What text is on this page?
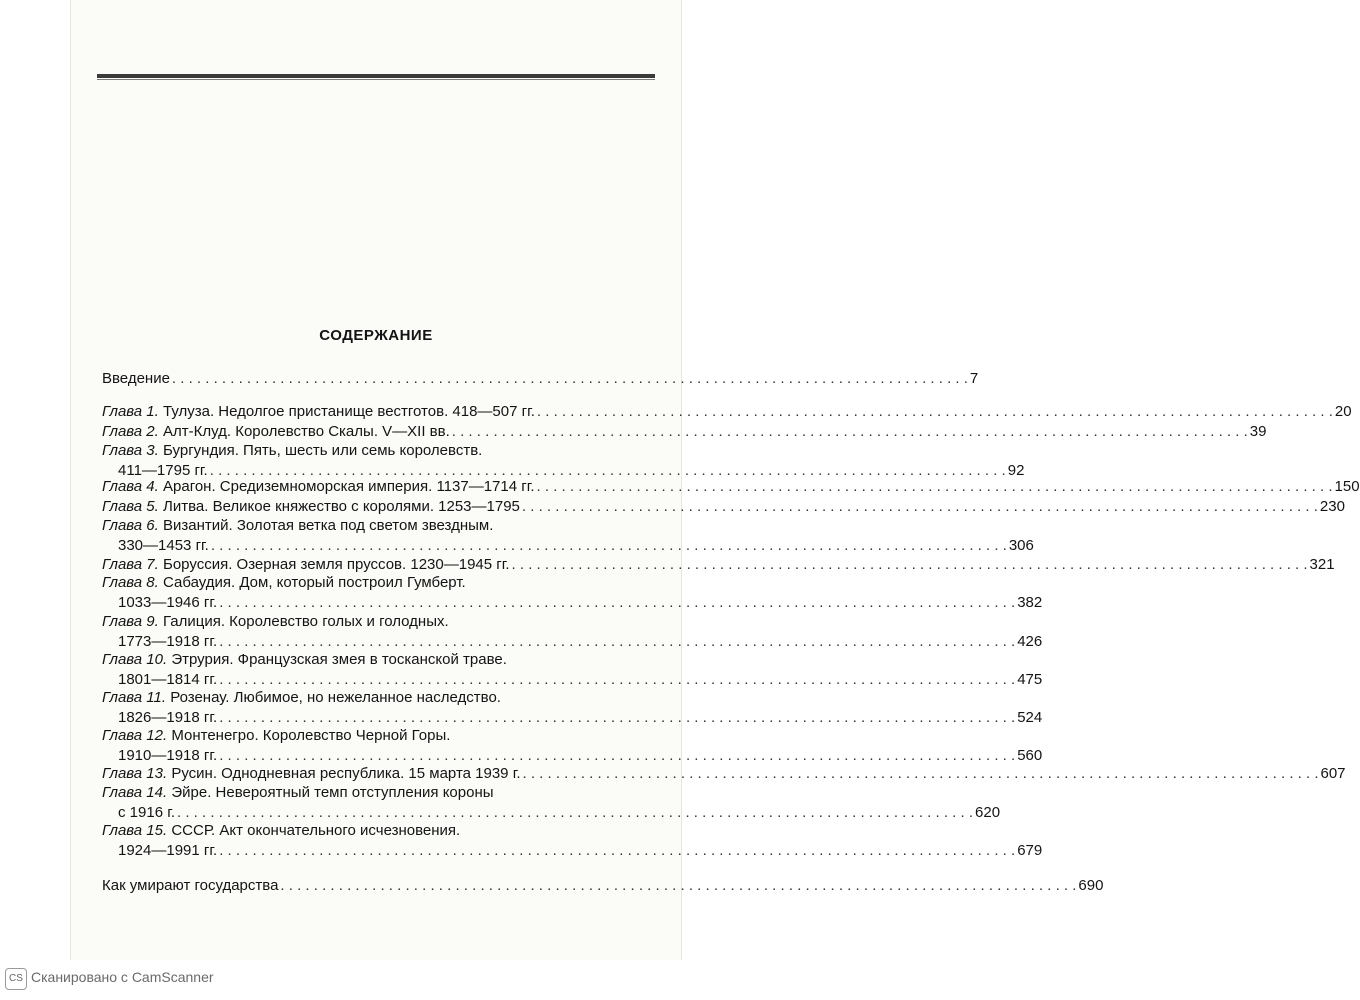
СОДЕРЖАНИЕ
Введение . . .	7
Глава 1. Тулуза. Недолгое пристанище вестготов. 418—507 гг. . . .	20
Глава 2. Алт-Клуд. Королевство Скалы. V—XII вв. . . .	39
Глава 3. Бургундия. Пять, шесть или семь королевств.
411—1795 гг. . . .	92
Глава 4. Арагон. Средиземноморская империя. 1137—1714 гг. . . .	150
Глава 5. Литва. Великое княжество с королями. 1253—1795 . . .	230
Глава 6. Византий. Золотая ветка под светом звездным.
330—1453 гг. . . .	306
Глава 7. Боруссия. Озерная земля пруссов. 1230—1945 гг. . . .	321
Глава 8. Сабаудия. Дом, который построил Гумберт.
1033—1946 гг. . . .	382
Глава 9. Галиция. Королевство голых и голодных.
1773—1918 гг. . . .	426
Глава 10. Этрурия. Французская змея в тосканской траве.
1801—1814 гг. . . .	475
Глава 11. Розенау. Любимое, но нежеланное наследство.
1826—1918 гг. . . .	524
Глава 12. Монтенегро. Королевство Черной Горы.
1910—1918 гг. . . .	560
Глава 13. Русин. Однодневная республика. 15 марта 1939 г. . . .	607
Глава 14. Эйре. Невероятный темп отступления короны
с 1916 г. . . .	620
Глава 15. СССР. Акт окончательного исчезновения.
1924—1991 гг. . . .	679
Как умирают государства . . .	690
CS Сканировано с CamScanner
